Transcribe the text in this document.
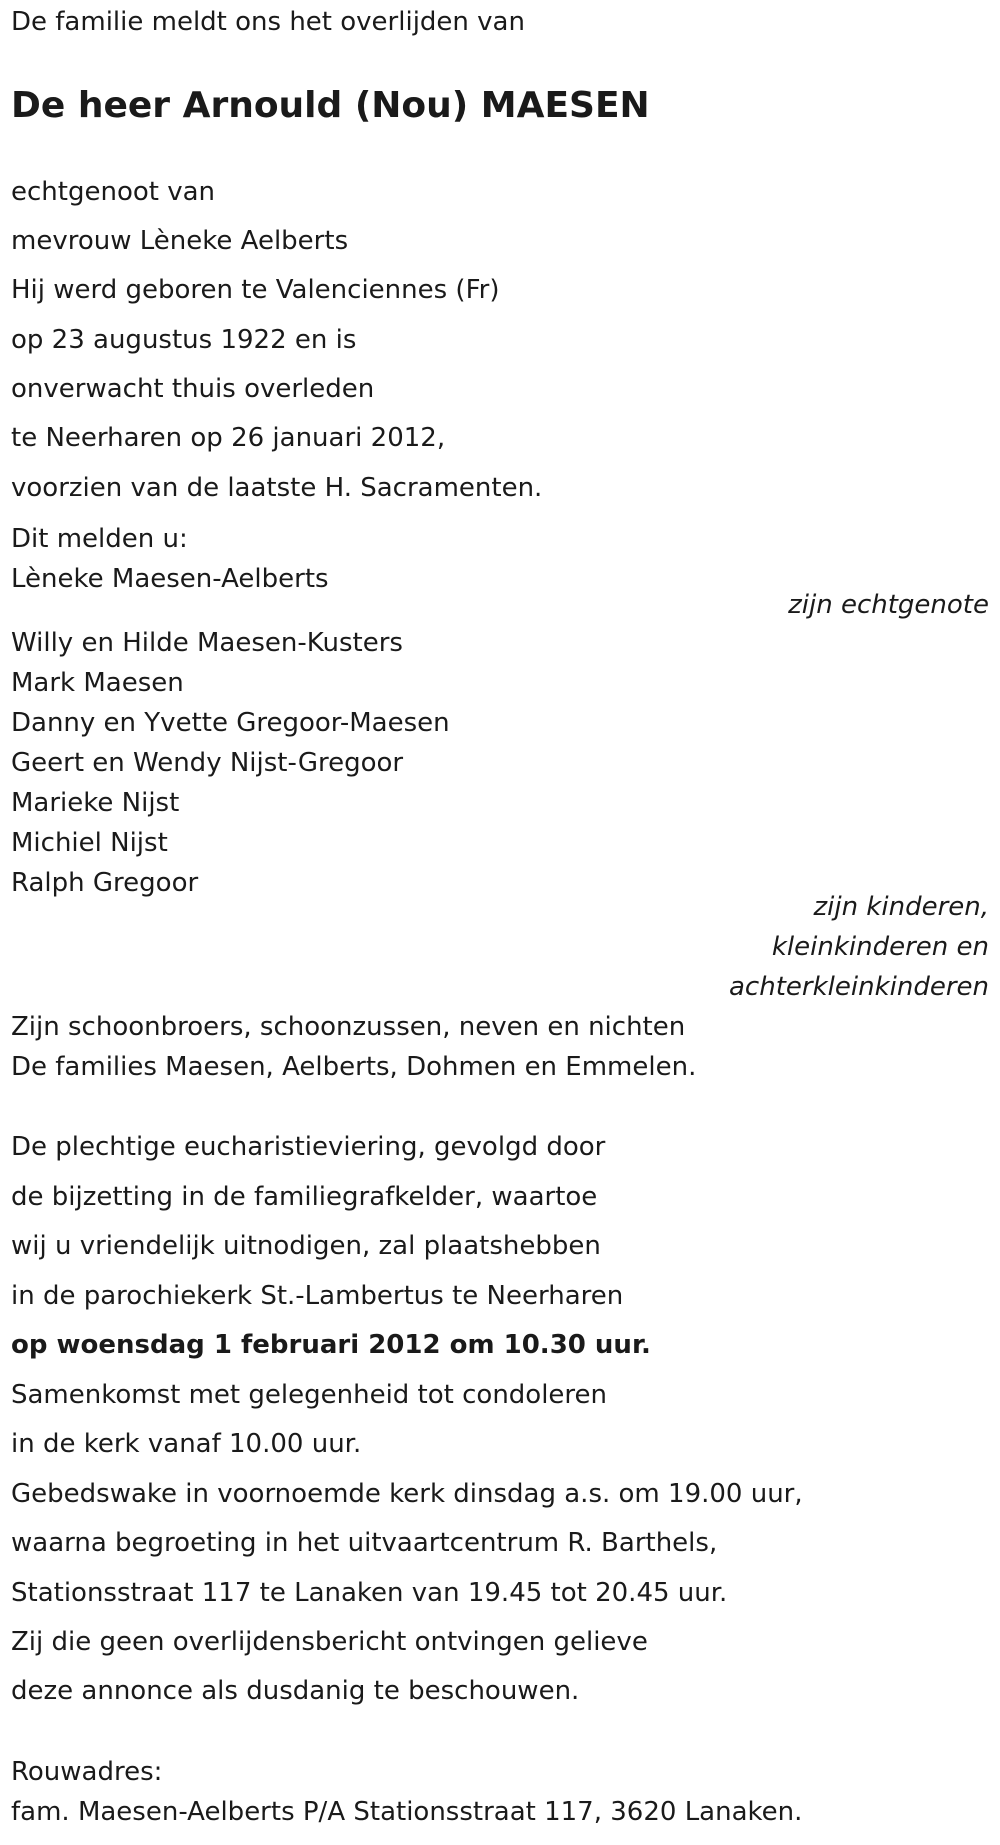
De familie meldt ons het overlijden van
De heer Arnould (Nou) MAESEN
echtgenoot van
mevrouw Lèneke Aelberts
Hij werd geboren te Valenciennes (Fr)
op 23 augustus 1922 en is
onverwacht thuis overleden
te Neerharen op 26 januari 2012,
voorzien van de laatste H. Sacramenten.
Dit melden u:
Lèneke Maesen-Aelberts
zijn echtgenote
Willy en Hilde Maesen-Kusters
Mark Maesen
Danny en Yvette Gregoor-Maesen
Geert en Wendy Nijst-Gregoor
Marieke Nijst
Michiel Nijst
Ralph Gregoor
zijn kinderen,
kleinkinderen en
achterkleinkinderen
Zijn schoonbroers, schoonzussen, neven en nichten
De families Maesen, Aelberts, Dohmen en Emmelen.
De plechtige eucharistieviering, gevolgd door
de bijzetting in de familiegrafkelder, waartoe
wij u vriendelijk uitnodigen, zal plaatshebben
in de parochiekerk St.-Lambertus te Neerharen
op woensdag 1 februari 2012 om 10.30 uur.
Samenkomst met gelegenheid tot condoleren
in de kerk vanaf 10.00 uur.
Gebedswake in voornoemde kerk dinsdag a.s. om 19.00 uur,
waarna begroeting in het uitvaartcentrum R. Barthels,
Stationsstraat 117 te Lanaken van 19.45 tot 20.45 uur.
Zij die geen overlijdensbericht ontvingen gelieve
deze annonce als dusdanig te beschouwen.
Rouwadres:
fam. Maesen-Aelberts P/A Stationsstraat 117, 3620 Lanaken.
